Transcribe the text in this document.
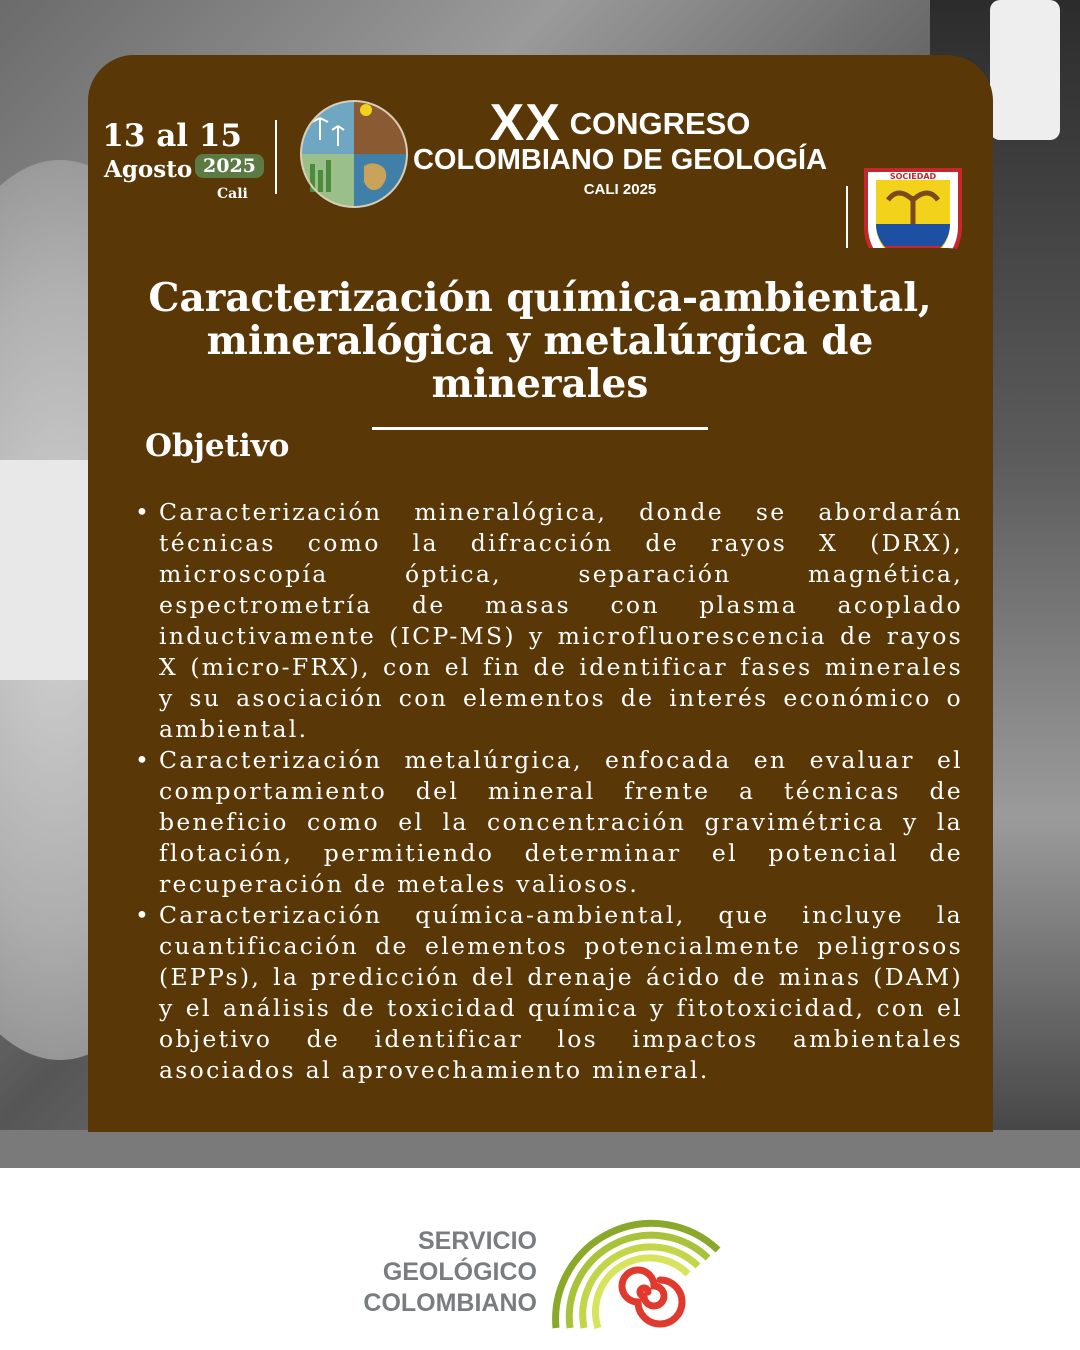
13 al 15
Agosto 2025
Cali
XX CONGRESO
COLOMBIANO DE GEOLOGÍA
CALI 2025
SOCIEDAD
Caracterización química-ambiental, mineralógica y metalúrgica de minerales
Objetivo
• Caracterización mineralógica, donde se abordarán técnicas como la difracción de rayos X (DRX), microscopía óptica, separación magnética, espectrometría de masas con plasma acoplado inductivamente (ICP-MS) y microfluorescencia de rayos X (micro-FRX), con el fin de identificar fases minerales y su asociación con elementos de interés económico o ambiental.
• Caracterización metalúrgica, enfocada en evaluar el comportamiento del mineral frente a técnicas de beneficio como el la concentración gravimétrica y la flotación, permitiendo determinar el potencial de recuperación de metales valiosos.
• Caracterización química-ambiental, que incluye la cuantificación de elementos potencialmente peligrosos (EPPs), la predicción del drenaje ácido de minas (DAM) y el análisis de toxicidad química y fitotoxicidad, con el objetivo de identificar los impactos ambientales asociados al aprovechamiento mineral.
SERVICIO
GEOLÓGICO
COLOMBIANO
